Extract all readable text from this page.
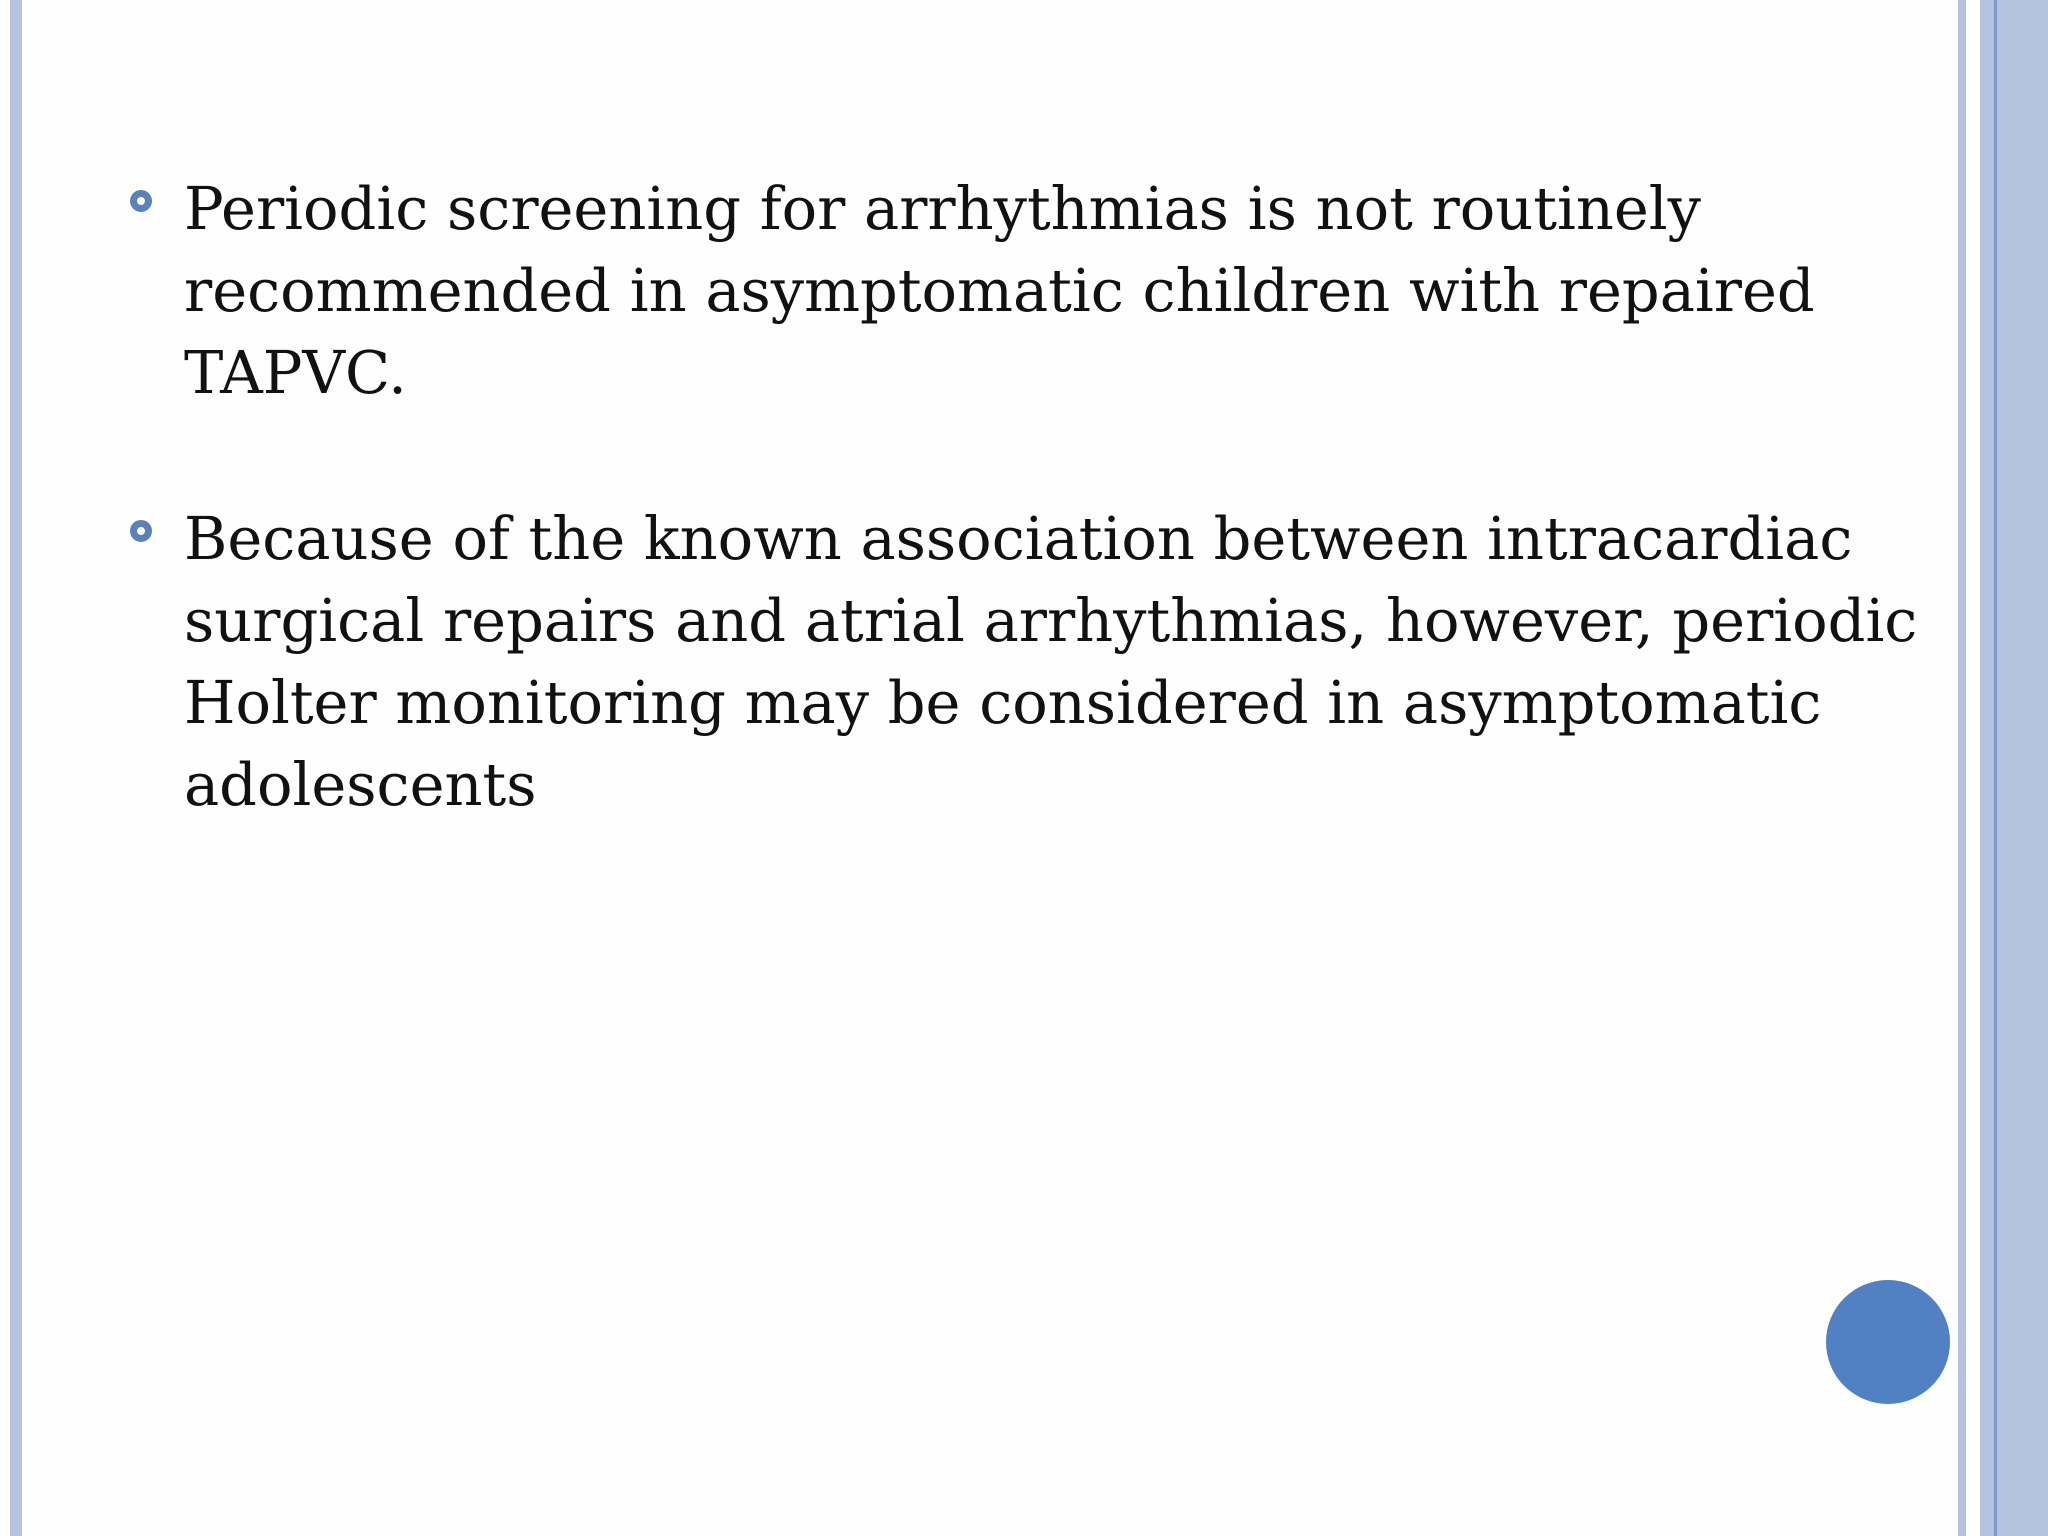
Periodic screening for arrhythmias is not routinely recommended in asymptomatic children with repaired TAPVC.

Because of the known association between intracardiac surgical repairs and atrial arrhythmias, however, periodic Holter monitoring may be considered in asymptomatic adolescents
